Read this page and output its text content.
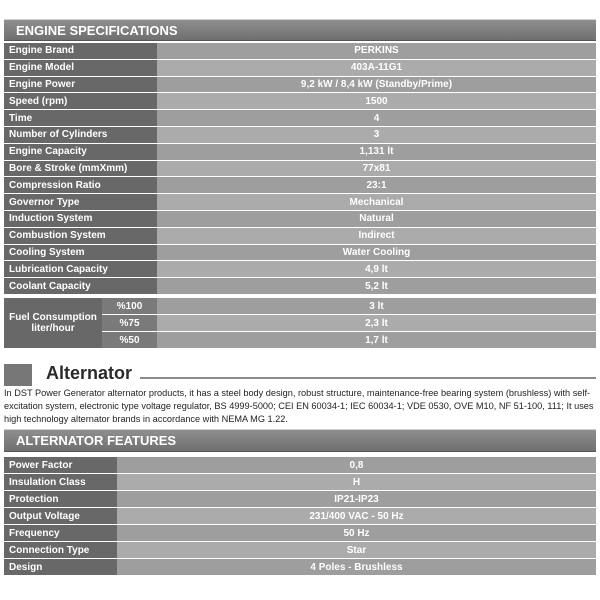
ENGINE SPECIFICATIONS
Engine Brand	PERKINS
Engine Model	403A-11G1
Engine Power	9,2 kW / 8,4 kW (Standby/Prime)
Speed (rpm)	1500
Time	4
Number of Cylinders	3
Engine Capacity	1,131 lt
Bore & Stroke (mmXmm)	77x81
Compression Ratio	23:1
Governor Type	Mechanical
Induction System	Natural
Combustion System	Indirect
Cooling System	Water Cooling
Lubrication Capacity	4,9 lt
Coolant Capacity	5,2 lt
Fuel Consumption liter/hour	%100	3 lt
	%75	2,3 lt
	%50	1,7 lt
Alternator
In DST Power Generator alternator products, it has a steel body design, robust structure, maintenance-free bearing system (brushless) with self-excitation system, electronic type voltage regulator, BS 4999-5000; CEI EN 60034-1; IEC 60034-1; VDE 0530, OVE M10, NF 51-100, 111; It uses high technology alternator brands in accordance with NEMA MG 1.22.
ALTERNATOR FEATURES
Power Factor	0,8
Insulation Class	H
Protection	IP21-IP23
Output Voltage	231/400 VAC - 50 Hz
Frequency	50 Hz
Connection Type	Star
Design	4 Poles - Brushless
